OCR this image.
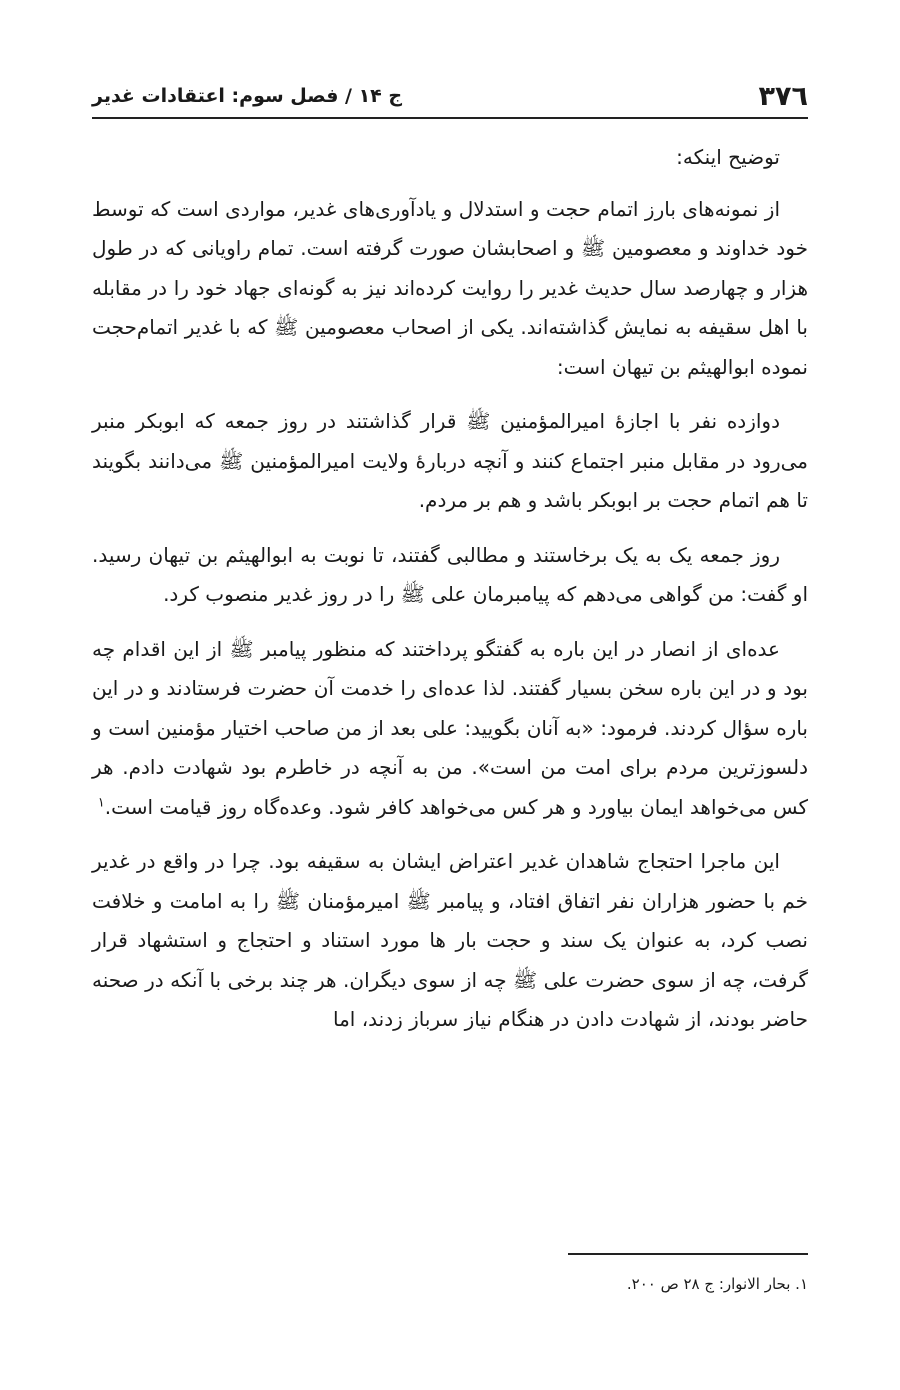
۳۷٦
ج ۱۴ / فصل سوم: اعتقادات غدیر

توضیح اینکه:

از نمونه‌های بارز اتمام حجت و استدلال و یادآوری‌های غدیر، مواردی است که توسط خود خداوند و معصومین ﷺ و اصحابشان صورت گرفته است. تمام راویانی که در طول هزار و چهارصد سال حدیث غدیر را روایت کرده‌اند نیز به گونه‌ای جهاد خود را در مقابله با اهل سقیفه به نمایش گذاشته‌اند. یکی از اصحاب معصومین ﷺ که با غدیر اتمام‌حجت نموده ابوالهیثم بن تیهان است:

دوازده نفر با اجازهٔ امیرالمؤمنین ﷺ قرار گذاشتند در روز جمعه که ابوبکر منبر می‌رود در مقابل منبر اجتماع کنند و آنچه دربارهٔ ولایت امیرالمؤمنین ﷺ می‌دانند بگویند تا هم اتمام حجت بر ابوبکر باشد و هم بر مردم.

روز جمعه یک به یک برخاستند و مطالبی گفتند، تا نوبت به ابوالهیثم بن تیهان رسید. او گفت: من گواهی می‌دهم که پیامبرمان علی ﷺ را در روز غدیر منصوب کرد.

عده‌ای از انصار در این باره به گفتگو پرداختند که منظور پیامبر ﷺ از این اقدام چه بود و در این باره سخن بسیار گفتند. لذا عده‌ای را خدمت آن حضرت فرستادند و در این باره سؤال کردند. فرمود: «به آنان بگویید: علی بعد از من صاحب اختیار مؤمنین است و دلسوزترین مردم برای امت من است». من به آنچه در خاطرم بود شهادت دادم. هر کس می‌خواهد ایمان بیاورد و هر کس می‌خواهد کافر شود. وعده‌گاه روز قیامت است.$^۱$

این ماجرا احتجاج شاهدان غدیر اعتراض ایشان به سقیفه بود. چرا در واقع در غدیر خم با حضور هزاران نفر اتفاق افتاد، و پیامبر ﷺ امیرمؤمنان ﷺ را به امامت و خلافت نصب کرد، به عنوان یک سند و حجت بار ها مورد استناد و احتجاج و استشهاد قرار گرفت، چه از سوی حضرت علی ﷺ چه از سوی دیگران. هر چند برخی با آنکه در صحنه حاضر بودند، از شهادت دادن در هنگام نیاز سرباز زدند، اما

۱. بحار الانوار: ج ۲۸ ص ۲۰۰.
